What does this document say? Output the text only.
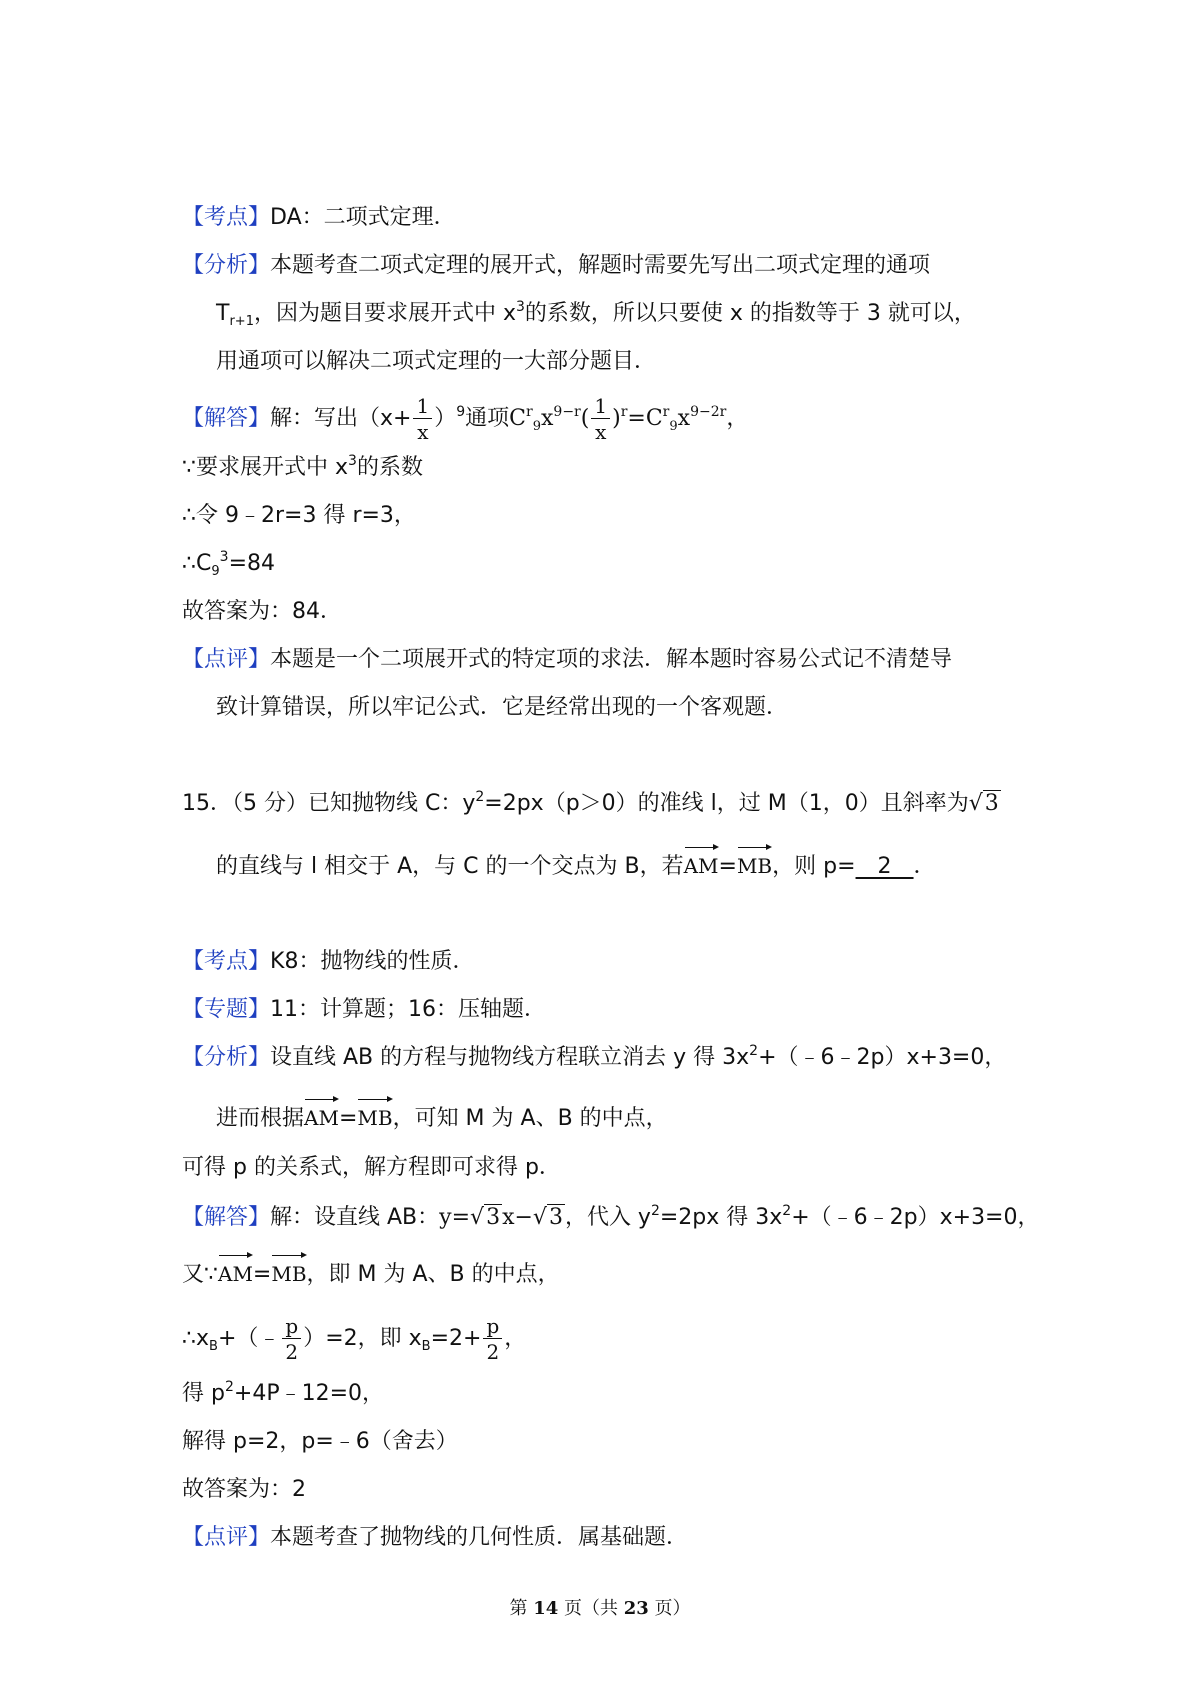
【考点】DA：二项式定理．
【分析】本题考查二项式定理的展开式，解题时需要先写出二项式定理的通项
$T_{r+1}$，因为题目要求展开式中 $x^3$的系数，所以只要使 x 的指数等于 3 就可以，
用通项可以解决二项式定理的一大部分题目．
【解答】解：写出$(x+ \frac{1}{x} )^9$通项$C^r_9x^{9-r}( \frac{1}{x} )^r=C^r_9x^{9-2r}$，
∵要求展开式中 $x^3$的系数
∴令 9﹣2r=3 得 r=3，
$\therefore C_9^3=84$
故答案为：84．
【点评】本题是一个二项展开式的特定项的求法．解本题时容易公式记不清楚导
致计算错误，所以牢记公式．它是经常出现的一个客观题．
15．（5 分）已知抛物线 C：$y^2=2px(p>0)$的准线 l，过 M（1，0）且斜率为√3
的直线与 l 相交于 A，与 C 的一个交点为 B，若AM=MB，则 p=　2　．
【考点】K8：抛物线的性质．
【专题】11：计算题；16：压轴题．
【分析】设直线 AB 的方程与抛物线方程联立消去 y 得 $3x^2+(﹣6﹣2p)x+3=0$，
进而根据AM=MB，可知 M 为 A、B 的中点，
可得 p 的关系式，解方程即可求得 p．
【解答】解：设直线 AB：y=√3x−√3，代入 $y^2=2px$ 得 $3x^2+(﹣6﹣2p)x+3=0$，
又∵AM=MB，即 M 为 A、B 的中点，
$\therefore x_B+(﹣ \frac{p}{2} )=2$，即 $x_B=2+ \frac{p}{2}$ ，
得 $p^2+4P﹣12=0$，
解得 p=2，p=﹣6（舍去）
故答案为：2
【点评】本题考查了抛物线的几何性质．属基础题．
第 14 页（共 23 页）
